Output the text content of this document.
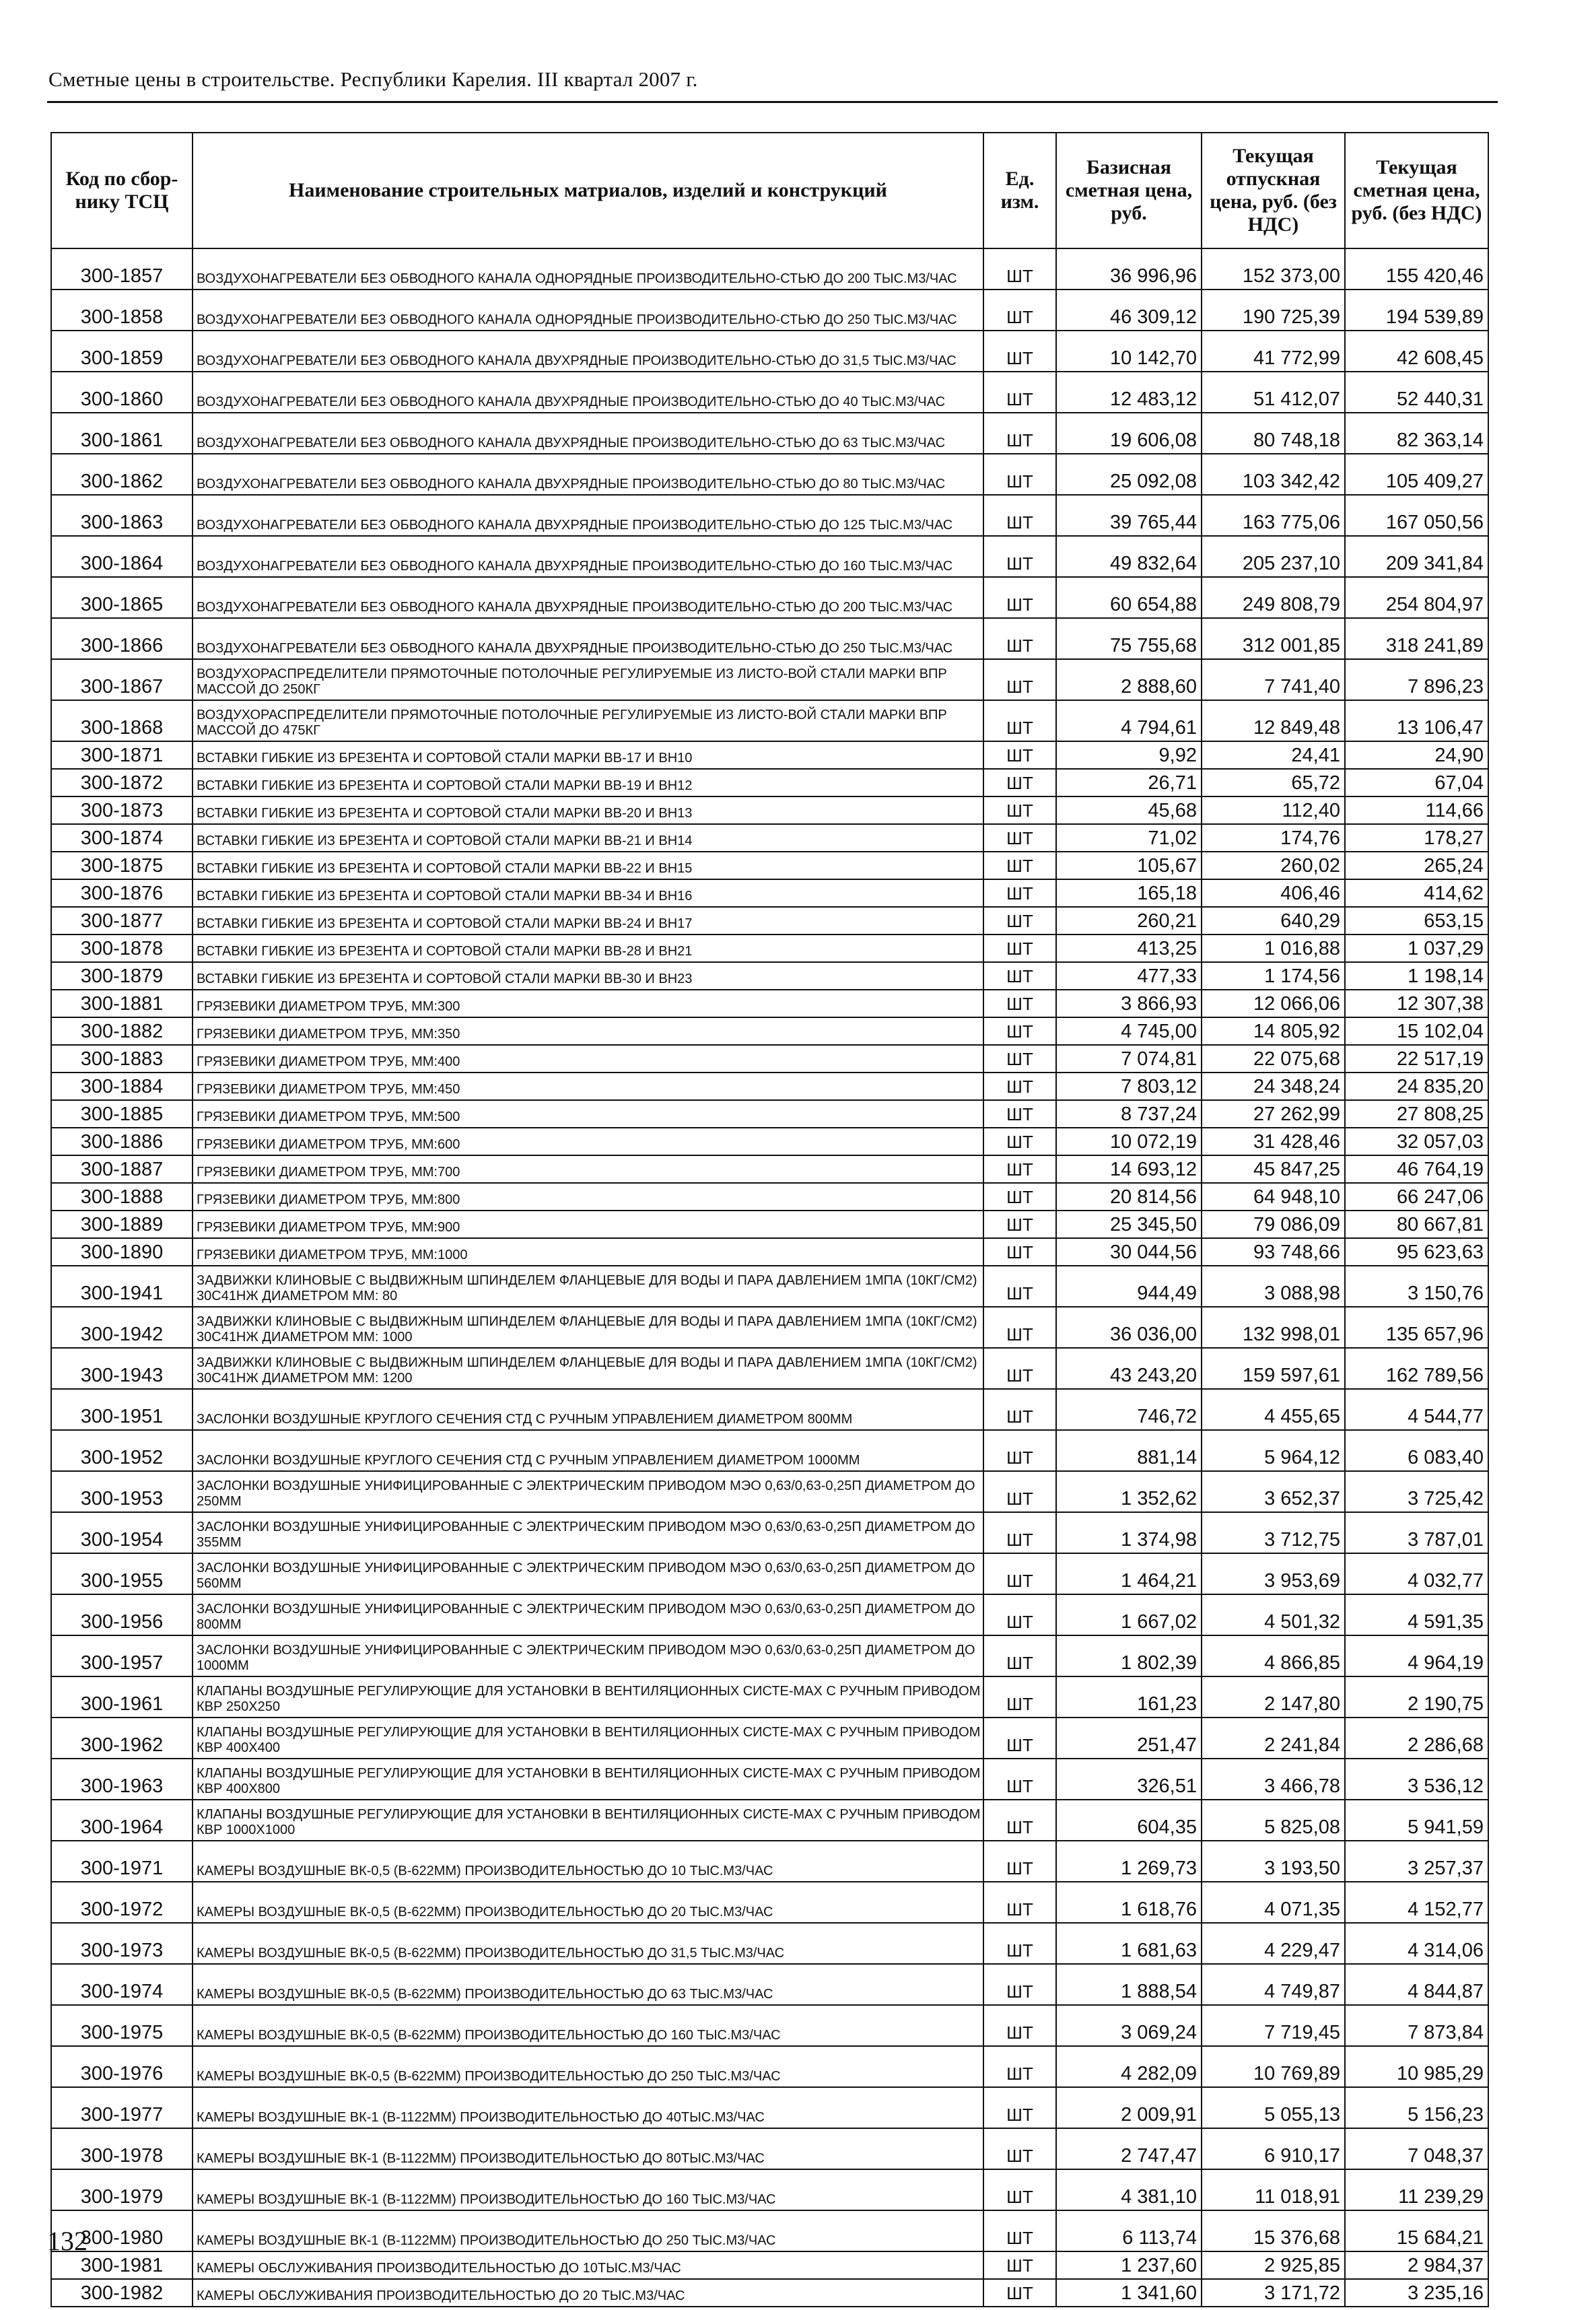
Сметные цены в строительстве. Республики Карелия. III квартал 2007 г.
Код по сбор- нику ТСЦ	Наименование строительных матриалов, изделий и конструкций	Ед. изм.	Базисная сметная цена, руб.	Текущая отпускная цена, руб. (без НДС)	Текущая сметная цена, руб. (без НДС)
300-1857	ВОЗДУХОНАГРЕВАТЕЛИ БЕЗ ОБВОДНОГО КАНАЛА ОДНОРЯДНЫЕ ПРОИЗВОДИТЕЛЬНО-СТЬЮ ДО 200 ТЫС.М3/ЧАС	ШТ	36 996,96	152 373,00	155 420,46
300-1858	ВОЗДУХОНАГРЕВАТЕЛИ БЕЗ ОБВОДНОГО КАНАЛА ОДНОРЯДНЫЕ ПРОИЗВОДИТЕЛЬНО-СТЬЮ ДО 250 ТЫС.М3/ЧАС	ШТ	46 309,12	190 725,39	194 539,89
300-1859	ВОЗДУХОНАГРЕВАТЕЛИ БЕЗ ОБВОДНОГО КАНАЛА ДВУХРЯДНЫЕ ПРОИЗВОДИТЕЛЬНО-СТЬЮ ДО 31,5 ТЫС.М3/ЧАС	ШТ	10 142,70	41 772,99	42 608,45
300-1860	ВОЗДУХОНАГРЕВАТЕЛИ БЕЗ ОБВОДНОГО КАНАЛА ДВУХРЯДНЫЕ ПРОИЗВОДИТЕЛЬНО-СТЬЮ ДО 40 ТЫС.М3/ЧАС	ШТ	12 483,12	51 412,07	52 440,31
300-1861	ВОЗДУХОНАГРЕВАТЕЛИ БЕЗ ОБВОДНОГО КАНАЛА ДВУХРЯДНЫЕ ПРОИЗВОДИТЕЛЬНО-СТЬЮ ДО 63 ТЫС.М3/ЧАС	ШТ	19 606,08	80 748,18	82 363,14
300-1862	ВОЗДУХОНАГРЕВАТЕЛИ БЕЗ ОБВОДНОГО КАНАЛА ДВУХРЯДНЫЕ ПРОИЗВОДИТЕЛЬНО-СТЬЮ ДО 80 ТЫС.М3/ЧАС	ШТ	25 092,08	103 342,42	105 409,27
300-1863	ВОЗДУХОНАГРЕВАТЕЛИ БЕЗ ОБВОДНОГО КАНАЛА ДВУХРЯДНЫЕ ПРОИЗВОДИТЕЛЬНО-СТЬЮ ДО 125 ТЫС.М3/ЧАС	ШТ	39 765,44	163 775,06	167 050,56
300-1864	ВОЗДУХОНАГРЕВАТЕЛИ БЕЗ ОБВОДНОГО КАНАЛА ДВУХРЯДНЫЕ ПРОИЗВОДИТЕЛЬНО-СТЬЮ ДО 160 ТЫС.М3/ЧАС	ШТ	49 832,64	205 237,10	209 341,84
300-1865	ВОЗДУХОНАГРЕВАТЕЛИ БЕЗ ОБВОДНОГО КАНАЛА ДВУХРЯДНЫЕ ПРОИЗВОДИТЕЛЬНО-СТЬЮ ДО 200 ТЫС.М3/ЧАС	ШТ	60 654,88	249 808,79	254 804,97
300-1866	ВОЗДУХОНАГРЕВАТЕЛИ БЕЗ ОБВОДНОГО КАНАЛА ДВУХРЯДНЫЕ ПРОИЗВОДИТЕЛЬНО-СТЬЮ ДО 250 ТЫС.М3/ЧАС	ШТ	75 755,68	312 001,85	318 241,89
300-1867	ВОЗДУХОРАСПРЕДЕЛИТЕЛИ ПРЯМОТОЧНЫЕ ПОТОЛОЧНЫЕ РЕГУЛИРУЕМЫЕ ИЗ ЛИСТО-ВОЙ СТАЛИ МАРКИ ВПР МАССОЙ ДО 250КГ	ШТ	2 888,60	7 741,40	7 896,23
300-1868	ВОЗДУХОРАСПРЕДЕЛИТЕЛИ ПРЯМОТОЧНЫЕ ПОТОЛОЧНЫЕ РЕГУЛИРУЕМЫЕ ИЗ ЛИСТО-ВОЙ СТАЛИ МАРКИ ВПР МАССОЙ ДО 475КГ	ШТ	4 794,61	12 849,48	13 106,47
300-1871	ВСТАВКИ ГИБКИЕ ИЗ БРЕЗЕНТА И СОРТОВОЙ СТАЛИ МАРКИ ВВ-17 И ВН10	ШТ	9,92	24,41	24,90
300-1872	ВСТАВКИ ГИБКИЕ ИЗ БРЕЗЕНТА И СОРТОВОЙ СТАЛИ МАРКИ ВВ-19 И ВН12	ШТ	26,71	65,72	67,04
300-1873	ВСТАВКИ ГИБКИЕ ИЗ БРЕЗЕНТА И СОРТОВОЙ СТАЛИ МАРКИ ВВ-20 И ВН13	ШТ	45,68	112,40	114,66
300-1874	ВСТАВКИ ГИБКИЕ ИЗ БРЕЗЕНТА И СОРТОВОЙ СТАЛИ МАРКИ ВВ-21 И ВН14	ШТ	71,02	174,76	178,27
300-1875	ВСТАВКИ ГИБКИЕ ИЗ БРЕЗЕНТА И СОРТОВОЙ СТАЛИ МАРКИ ВВ-22 И ВН15	ШТ	105,67	260,02	265,24
300-1876	ВСТАВКИ ГИБКИЕ ИЗ БРЕЗЕНТА И СОРТОВОЙ СТАЛИ МАРКИ ВВ-34 И ВН16	ШТ	165,18	406,46	414,62
300-1877	ВСТАВКИ ГИБКИЕ ИЗ БРЕЗЕНТА И СОРТОВОЙ СТАЛИ МАРКИ ВВ-24 И ВН17	ШТ	260,21	640,29	653,15
300-1878	ВСТАВКИ ГИБКИЕ ИЗ БРЕЗЕНТА И СОРТОВОЙ СТАЛИ МАРКИ ВВ-28 И ВН21	ШТ	413,25	1 016,88	1 037,29
300-1879	ВСТАВКИ ГИБКИЕ ИЗ БРЕЗЕНТА И СОРТОВОЙ СТАЛИ МАРКИ ВВ-30 И ВН23	ШТ	477,33	1 174,56	1 198,14
300-1881	ГРЯЗЕВИКИ ДИАМЕТРОМ ТРУБ, ММ:300	ШТ	3 866,93	12 066,06	12 307,38
300-1882	ГРЯЗЕВИКИ ДИАМЕТРОМ ТРУБ, ММ:350	ШТ	4 745,00	14 805,92	15 102,04
300-1883	ГРЯЗЕВИКИ ДИАМЕТРОМ ТРУБ, ММ:400	ШТ	7 074,81	22 075,68	22 517,19
300-1884	ГРЯЗЕВИКИ ДИАМЕТРОМ ТРУБ, ММ:450	ШТ	7 803,12	24 348,24	24 835,20
300-1885	ГРЯЗЕВИКИ ДИАМЕТРОМ ТРУБ, ММ:500	ШТ	8 737,24	27 262,99	27 808,25
300-1886	ГРЯЗЕВИКИ ДИАМЕТРОМ ТРУБ, ММ:600	ШТ	10 072,19	31 428,46	32 057,03
300-1887	ГРЯЗЕВИКИ ДИАМЕТРОМ ТРУБ, ММ:700	ШТ	14 693,12	45 847,25	46 764,19
300-1888	ГРЯЗЕВИКИ ДИАМЕТРОМ ТРУБ, ММ:800	ШТ	20 814,56	64 948,10	66 247,06
300-1889	ГРЯЗЕВИКИ ДИАМЕТРОМ ТРУБ, ММ:900	ШТ	25 345,50	79 086,09	80 667,81
300-1890	ГРЯЗЕВИКИ ДИАМЕТРОМ ТРУБ, ММ:1000	ШТ	30 044,56	93 748,66	95 623,63
300-1941	ЗАДВИЖКИ КЛИНОВЫЕ С ВЫДВИЖНЫМ ШПИНДЕЛЕМ ФЛАНЦЕВЫЕ ДЛЯ ВОДЫ И ПАРА ДАВЛЕНИЕМ 1МПА (10КГ/СМ2) 30С41НЖ ДИАМЕТРОМ ММ: 80	ШТ	944,49	3 088,98	3 150,76
300-1942	ЗАДВИЖКИ КЛИНОВЫЕ С ВЫДВИЖНЫМ ШПИНДЕЛЕМ ФЛАНЦЕВЫЕ ДЛЯ ВОДЫ И ПАРА ДАВЛЕНИЕМ 1МПА (10КГ/СМ2) 30С41НЖ ДИАМЕТРОМ ММ: 1000	ШТ	36 036,00	132 998,01	135 657,96
300-1943	ЗАДВИЖКИ КЛИНОВЫЕ С ВЫДВИЖНЫМ ШПИНДЕЛЕМ ФЛАНЦЕВЫЕ ДЛЯ ВОДЫ И ПАРА ДАВЛЕНИЕМ 1МПА (10КГ/СМ2) 30С41НЖ ДИАМЕТРОМ ММ: 1200	ШТ	43 243,20	159 597,61	162 789,56
300-1951	ЗАСЛОНКИ ВОЗДУШНЫЕ КРУГЛОГО СЕЧЕНИЯ СТД С РУЧНЫМ УПРАВЛЕНИЕМ ДИАМЕТРОМ 800ММ	ШТ	746,72	4 455,65	4 544,77
300-1952	ЗАСЛОНКИ ВОЗДУШНЫЕ КРУГЛОГО СЕЧЕНИЯ СТД С РУЧНЫМ УПРАВЛЕНИЕМ ДИАМЕТРОМ 1000ММ	ШТ	881,14	5 964,12	6 083,40
300-1953	ЗАСЛОНКИ ВОЗДУШНЫЕ УНИФИЦИРОВАННЫЕ С ЭЛЕКТРИЧЕСКИМ ПРИВОДОМ МЭО 0,63/0,63-0,25П ДИАМЕТРОМ ДО 250ММ	ШТ	1 352,62	3 652,37	3 725,42
300-1954	ЗАСЛОНКИ ВОЗДУШНЫЕ УНИФИЦИРОВАННЫЕ С ЭЛЕКТРИЧЕСКИМ ПРИВОДОМ МЭО 0,63/0,63-0,25П ДИАМЕТРОМ ДО 355ММ	ШТ	1 374,98	3 712,75	3 787,01
300-1955	ЗАСЛОНКИ ВОЗДУШНЫЕ УНИФИЦИРОВАННЫЕ С ЭЛЕКТРИЧЕСКИМ ПРИВОДОМ МЭО 0,63/0,63-0,25П ДИАМЕТРОМ ДО 560ММ	ШТ	1 464,21	3 953,69	4 032,77
300-1956	ЗАСЛОНКИ ВОЗДУШНЫЕ УНИФИЦИРОВАННЫЕ С ЭЛЕКТРИЧЕСКИМ ПРИВОДОМ МЭО 0,63/0,63-0,25П ДИАМЕТРОМ ДО 800ММ	ШТ	1 667,02	4 501,32	4 591,35
300-1957	ЗАСЛОНКИ ВОЗДУШНЫЕ УНИФИЦИРОВАННЫЕ С ЭЛЕКТРИЧЕСКИМ ПРИВОДОМ МЭО 0,63/0,63-0,25П ДИАМЕТРОМ ДО 1000ММ	ШТ	1 802,39	4 866,85	4 964,19
300-1961	КЛАПАНЫ ВОЗДУШНЫЕ РЕГУЛИРУЮЩИЕ ДЛЯ УСТАНОВКИ В ВЕНТИЛЯЦИОННЫХ СИСТЕ-МАХ С РУЧНЫМ ПРИВОДОМ КВР 250Х250	ШТ	161,23	2 147,80	2 190,75
300-1962	КЛАПАНЫ ВОЗДУШНЫЕ РЕГУЛИРУЮЩИЕ ДЛЯ УСТАНОВКИ В ВЕНТИЛЯЦИОННЫХ СИСТЕ-МАХ С РУЧНЫМ ПРИВОДОМ КВР 400Х400	ШТ	251,47	2 241,84	2 286,68
300-1963	КЛАПАНЫ ВОЗДУШНЫЕ РЕГУЛИРУЮЩИЕ ДЛЯ УСТАНОВКИ В ВЕНТИЛЯЦИОННЫХ СИСТЕ-МАХ С РУЧНЫМ ПРИВОДОМ КВР 400Х800	ШТ	326,51	3 466,78	3 536,12
300-1964	КЛАПАНЫ ВОЗДУШНЫЕ РЕГУЛИРУЮЩИЕ ДЛЯ УСТАНОВКИ В ВЕНТИЛЯЦИОННЫХ СИСТЕ-МАХ С РУЧНЫМ ПРИВОДОМ КВР 1000Х1000	ШТ	604,35	5 825,08	5 941,59
300-1971	КАМЕРЫ ВОЗДУШНЫЕ ВК-0,5 (В-622ММ) ПРОИЗВОДИТЕЛЬНОСТЬЮ ДО 10 ТЫС.М3/ЧАС	ШТ	1 269,73	3 193,50	3 257,37
300-1972	КАМЕРЫ ВОЗДУШНЫЕ ВК-0,5 (В-622ММ) ПРОИЗВОДИТЕЛЬНОСТЬЮ ДО 20 ТЫС.М3/ЧАС	ШТ	1 618,76	4 071,35	4 152,77
300-1973	КАМЕРЫ ВОЗДУШНЫЕ ВК-0,5 (В-622ММ) ПРОИЗВОДИТЕЛЬНОСТЬЮ ДО 31,5 ТЫС.М3/ЧАС	ШТ	1 681,63	4 229,47	4 314,06
300-1974	КАМЕРЫ ВОЗДУШНЫЕ ВК-0,5 (В-622ММ) ПРОИЗВОДИТЕЛЬНОСТЬЮ ДО 63 ТЫС.М3/ЧАС	ШТ	1 888,54	4 749,87	4 844,87
300-1975	КАМЕРЫ ВОЗДУШНЫЕ ВК-0,5 (В-622ММ) ПРОИЗВОДИТЕЛЬНОСТЬЮ ДО 160 ТЫС.М3/ЧАС	ШТ	3 069,24	7 719,45	7 873,84
300-1976	КАМЕРЫ ВОЗДУШНЫЕ ВК-0,5 (В-622ММ) ПРОИЗВОДИТЕЛЬНОСТЬЮ ДО 250 ТЫС.М3/ЧАС	ШТ	4 282,09	10 769,89	10 985,29
300-1977	КАМЕРЫ ВОЗДУШНЫЕ ВК-1 (В-1122ММ) ПРОИЗВОДИТЕЛЬНОСТЬЮ ДО 40ТЫС.М3/ЧАС	ШТ	2 009,91	5 055,13	5 156,23
300-1978	КАМЕРЫ ВОЗДУШНЫЕ ВК-1 (В-1122ММ) ПРОИЗВОДИТЕЛЬНОСТЬЮ ДО 80ТЫС.М3/ЧАС	ШТ	2 747,47	6 910,17	7 048,37
300-1979	КАМЕРЫ ВОЗДУШНЫЕ ВК-1 (В-1122ММ) ПРОИЗВОДИТЕЛЬНОСТЬЮ ДО 160 ТЫС.М3/ЧАС	ШТ	4 381,10	11 018,91	11 239,29
300-1980	КАМЕРЫ ВОЗДУШНЫЕ ВК-1 (В-1122ММ) ПРОИЗВОДИТЕЛЬНОСТЬЮ ДО 250 ТЫС.М3/ЧАС	ШТ	6 113,74	15 376,68	15 684,21
300-1981	КАМЕРЫ ОБСЛУЖИВАНИЯ ПРОИЗВОДИТЕЛЬНОСТЬЮ ДО 10ТЫС.М3/ЧАС	ШТ	1 237,60	2 925,85	2 984,37
300-1982	КАМЕРЫ ОБСЛУЖИВАНИЯ ПРОИЗВОДИТЕЛЬНОСТЬЮ ДО 20 ТЫС.М3/ЧАС	ШТ	1 341,60	3 171,72	3 235,16
132
